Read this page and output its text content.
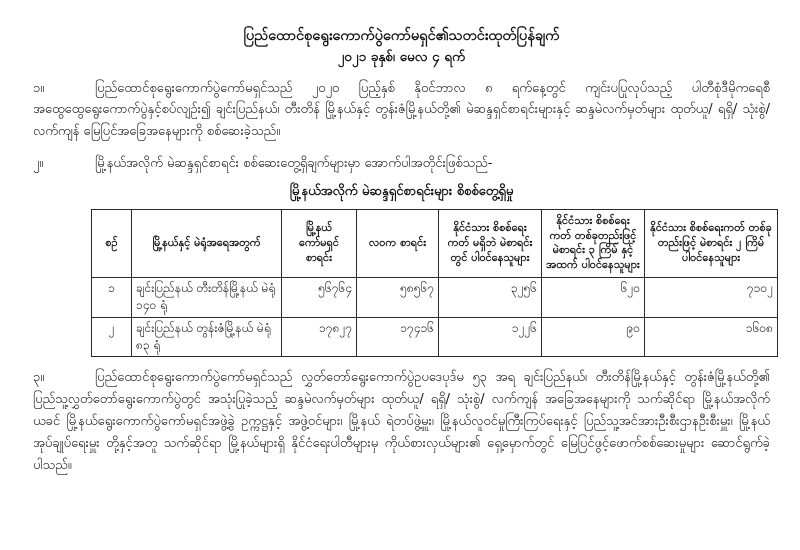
ပြည်ထောင်စုရွေးကောက်ပွဲကော်မရှင်၏သတင်းထုတ်ပြန်ချက်
၂၀၂၁ ခုနှစ်၊ မေလ ၄ ရက်

၁။	ပြည်ထောင်စုရွေးကောက်ပွဲကော်မရှင်သည် ၂၀၂၀ ပြည့်နှစ် နိုဝင်ဘာလ ၈ ရက်နေ့တွင် ကျင်းပပြုလုပ်သည့် ပါတီစုံဒီမိုကရေစီအထွေထွေရွေးကောက်ပွဲနှင့်စပ်လျဉ်း၍ ချင်းပြည်နယ်၊ တီးတိန် မြို့နယ်နှင့် တွန်းဇံမြို့နယ်တို့၏ မဲဆန္ဒရှင်စာရင်းများနှင့် ဆန္ဒမဲလက်မှတ်များ ထုတ်ယူ/ ရရှိ/ သုံးစွဲ/ လက်ကျန် မြေပြင်အခြေအနေများကို စစ်ဆေးခဲ့သည်။

၂။	မြို့နယ်အလိုက် မဲဆန္ဒရှင်စာရင်း စစ်ဆေးတွေ့ရှိချက်များမှာ အောက်ပါအတိုင်းဖြစ်သည်-

မြို့နယ်အလိုက် မဲဆန္ဒရှင်စာရင်းများ စိစစ်တွေ့ရှိမှု
စဉ်	မြို့နယ်နှင့် မဲရုံအရေအတွက်	မြို့နယ် ကော်မရှင် စာရင်း	လဝက စာရင်း	နိုင်ငံသား စိစစ်ရေးကတ် မရှိဘဲ မဲစာရင်းတွင် ပါဝင်နေသူများ	နိုင်ငံသား စိစစ်ရေးကတ် တစ်ခုတည်းဖြင့် မဲစာရင်း ၃ ကြိမ် နှင့် အထက် ပါဝင်နေသူများ	နိုင်ငံသား စိစစ်ရေးကတ် တစ်ခုတည်းဖြင့် မဲစာရင်း ၂ ကြိမ် ပါဝင်နေသူများ
၁	ချင်းပြည်နယ် တီးတိန်မြို့နယ် မဲရုံ ၁၄၀ ရုံ	၅၆၇၆၄	၅၈၅၆၇	၃၂၅၆	၆၂၀	၇၁၀၂
၂	ချင်းပြည်နယ် တွန်းဇံမြို့နယ် မဲရုံ ၈၃ ရုံ	၁၇၈၂၇	၁၇၄၁၆	၁၂၂၆	၉၀	၁၆၀၈

၃။	ပြည်ထောင်စုရွေးကောက်ပွဲကော်မရှင်သည် လွှတ်တော်ရွေးကောက်ပွဲဥပဒေပုဒ်မ ၅၃ အရ ချင်းပြည်နယ်၊ တီးတိန်မြို့နယ်နှင့် တွန်းဇံမြို့နယ်တို့၏ ပြည်သူ့လွှတ်တော်ရွေးကောက်ပွဲတွင် အသုံးပြုခဲ့သည့် ဆန္ဒမဲလက်မှတ်များ ထုတ်ယူ/ ရရှိ/ သုံးစွဲ/ လက်ကျန် အခြေအနေများကို သက်ဆိုင်ရာ မြို့နယ်အလိုက် ယခင် မြို့နယ်ရွေးကောက်ပွဲကော်မရှင်အဖွဲ့ခွဲ ဥက္ကဋ္ဌနှင့် အဖွဲ့ဝင်များ၊ မြို့နယ် ရဲတပ်ဖွဲ့မှူး၊ မြို့နယ်လူဝင်မှုကြီးကြပ်ရေးနှင့် ပြည်သူ့အင်အားဦးစီးဌာနဦးစီးမှူး၊ မြို့နယ်အုပ်ချုပ်ရေးမှူး တို့နှင့်အတူ သက်ဆိုင်ရာ မြို့နယ်များရှိ နိုင်ငံရေးပါတီများမှ ကိုယ်စားလှယ်များ၏ ရှေ့မှောက်တွင် မြေပြင်ဖွင့်ဖောက်စစ်ဆေးမှုများ ဆောင်ရွက်ခဲ့ပါသည်။
